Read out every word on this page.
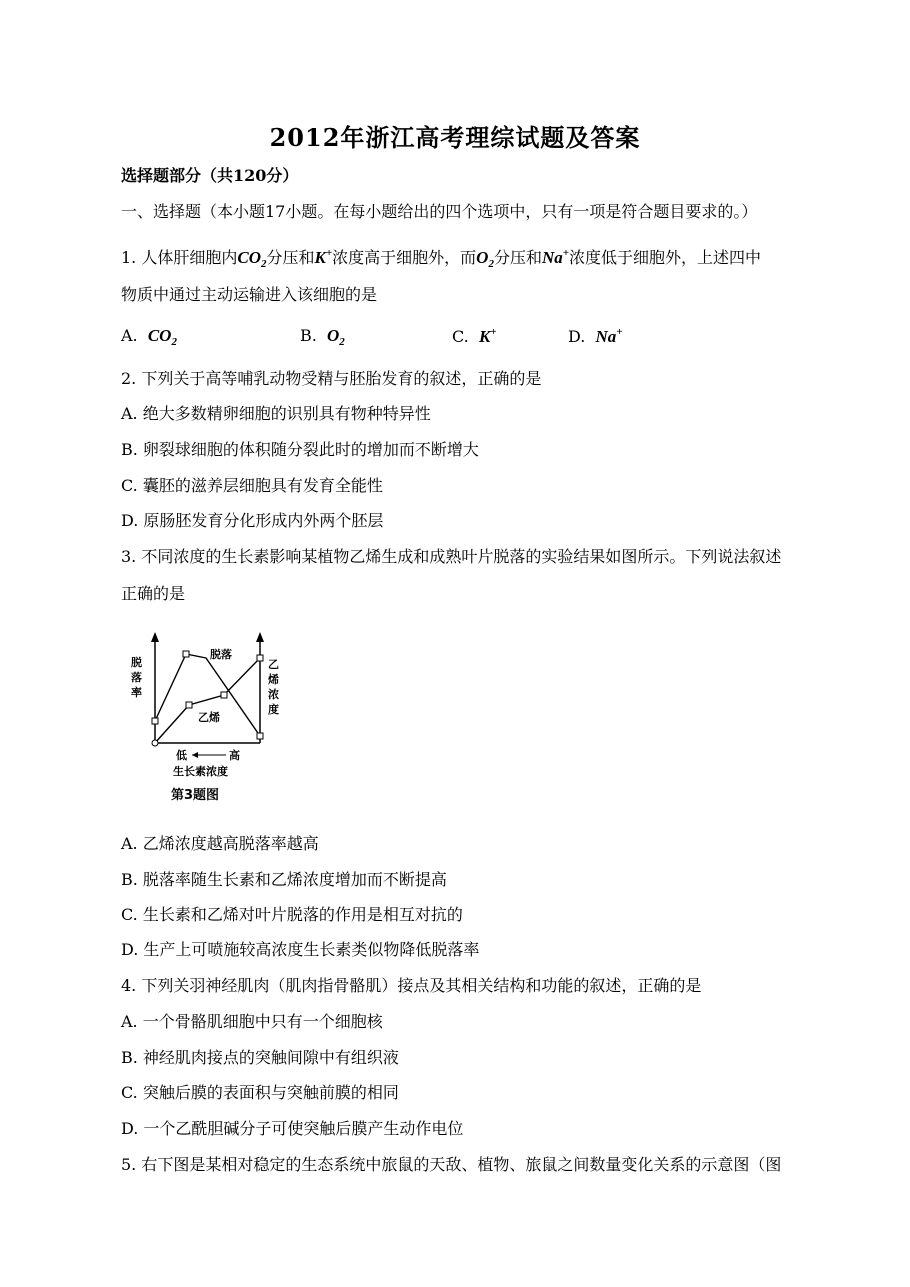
2012年浙江高考理综试题及答案
选择题部分（共120分）
一、选择题（本小题17小题。在每小题给出的四个选项中，只有一项是符合题目要求的。）
1. 人体肝细胞内$CO_2$分压和K+浓度高于细胞外，而$O_2$分压和Na+浓度低于细胞外，上述四中
物质中通过主动运输进入该细胞的是
A. $CO_2$	B. $O_2$	C. K+	D. Na+
2. 下列关于高等哺乳动物受精与胚胎发育的叙述，正确的是
A. 绝大多数精卵细胞的识别具有物种特异性
B. 卵裂球细胞的体积随分裂此时的增加而不断增大
C. 囊胚的滋养层细胞具有发育全能性
D. 原肠胚发育分化形成内外两个胚层
3. 不同浓度的生长素影响某植物乙烯生成和成熟叶片脱落的实验结果如图所示。下列说法叙述
正确的是
脱落
乙烯
脱
落
率
乙
烯
浓
度
低	高
生长素浓度
第3题图
A. 乙烯浓度越高脱落率越高
B. 脱落率随生长素和乙烯浓度增加而不断提高
C. 生长素和乙烯对叶片脱落的作用是相互对抗的
D. 生产上可喷施较高浓度生长素类似物降低脱落率
4. 下列关羽神经肌肉（肌肉指骨骼肌）接点及其相关结构和功能的叙述，正确的是
A. 一个骨骼肌细胞中只有一个细胞核
B. 神经肌肉接点的突触间隙中有组织液
C. 突触后膜的表面积与突触前膜的相同
D. 一个乙酰胆碱分子可使突触后膜产生动作电位
5. 右下图是某相对稳定的生态系统中旅鼠的天敌、植物、旅鼠之间数量变化关系的示意图（图
